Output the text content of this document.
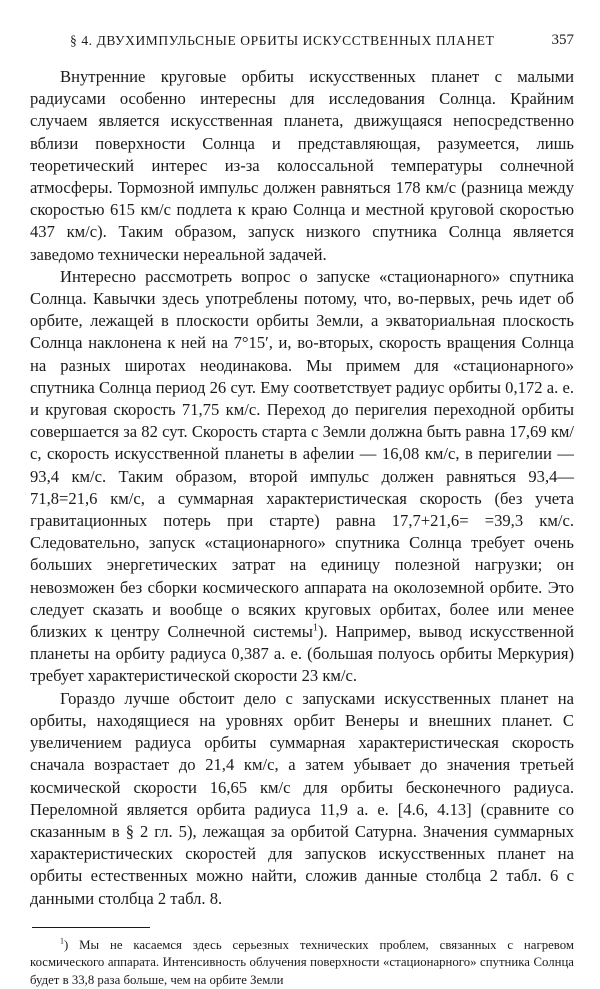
§ 4. ДВУХИМПУЛЬСНЫЕ ОРБИТЫ ИСКУССТВЕННЫХ ПЛАНЕТ	357

Внутренние круговые орбиты искусственных планет с малыми радиусами особенно интересны для исследования Солнца. Крайним случаем является искусственная планета, движущаяся непосредственно вблизи поверхности Солнца и представляющая, разумеется, лишь теоретический интерес из-за колоссальной температуры солнечной атмосферы. Тормозной импульс должен равняться 178 км/с (разница между скоростью 615 км/с подлета к краю Солнца и местной круговой скоростью 437 км/с). Таким образом, запуск низкого спутника Солнца является заведомо технически нереальной задачей.

Интересно рассмотреть вопрос о запуске «стационарного» спутника Солнца. Кавычки здесь употреблены потому, что, во-первых, речь идет об орбите, лежащей в плоскости орбиты Земли, а экваториальная плоскость Солнца наклонена к ней на 7°15′, и, во-вторых, скорость вращения Солнца на разных широтах неодинакова. Мы примем для «стационарного» спутника Солнца период 26 сут. Ему соответствует радиус орбиты 0,172 а. е. и круговая скорость 71,75 км/с. Переход до перигелия переходной орбиты совершается за 82 сут. Скорость старта с Земли должна быть равна 17,69 км/с, скорость искусственной планеты в афелии — 16,08 км/с, в перигелии — 93,4 км/с. Таким образом, второй импульс должен равняться 93,4—71,8=21,6 км/с, а суммарная характеристическая скорость (без учета гравитационных потерь при старте) равна 17,7+21,6= =39,3 км/с. Следовательно, запуск «стационарного» спутника Солнца требует очень больших энергетических затрат на единицу полезной нагрузки; он невозможен без сборки космического аппарата на околоземной орбите. Это следует сказать и вообще о всяких круговых орбитах, более или менее близких к центру Солнечной системы$^1$). Например, вывод искусственной планеты на орбиту радиуса 0,387 а. е. (большая полуось орбиты Меркурия) требует характеристической скорости 23 км/с.

Гораздо лучше обстоит дело с запусками искусственных планет на орбиты, находящиеся на уровнях орбит Венеры и внешних планет. С увеличением радиуса орбиты суммарная характеристическая скорость сначала возрастает до 21,4 км/с, а затем убывает до значения третьей космической скорости 16,65 км/с для орбиты бесконечного радиуса. Переломной является орбита радиуса 11,9 а. е. [4.6, 4.13] (сравните со сказанным в § 2 гл. 5), лежащая за орбитой Сатурна. Значения суммарных характеристических скоростей для запусков искусственных планет на орбиты естественных можно найти, сложив данные столбца 2 табл. 6 с данными столбца 2 табл. 8.

$^1$) Мы не касаемся здесь серьезных технических проблем, связанных с нагревом космического аппарата. Интенсивность облучения поверхности «стационарного» спутника Солнца будет в 33,8 раза больше, чем на орбите Земли
